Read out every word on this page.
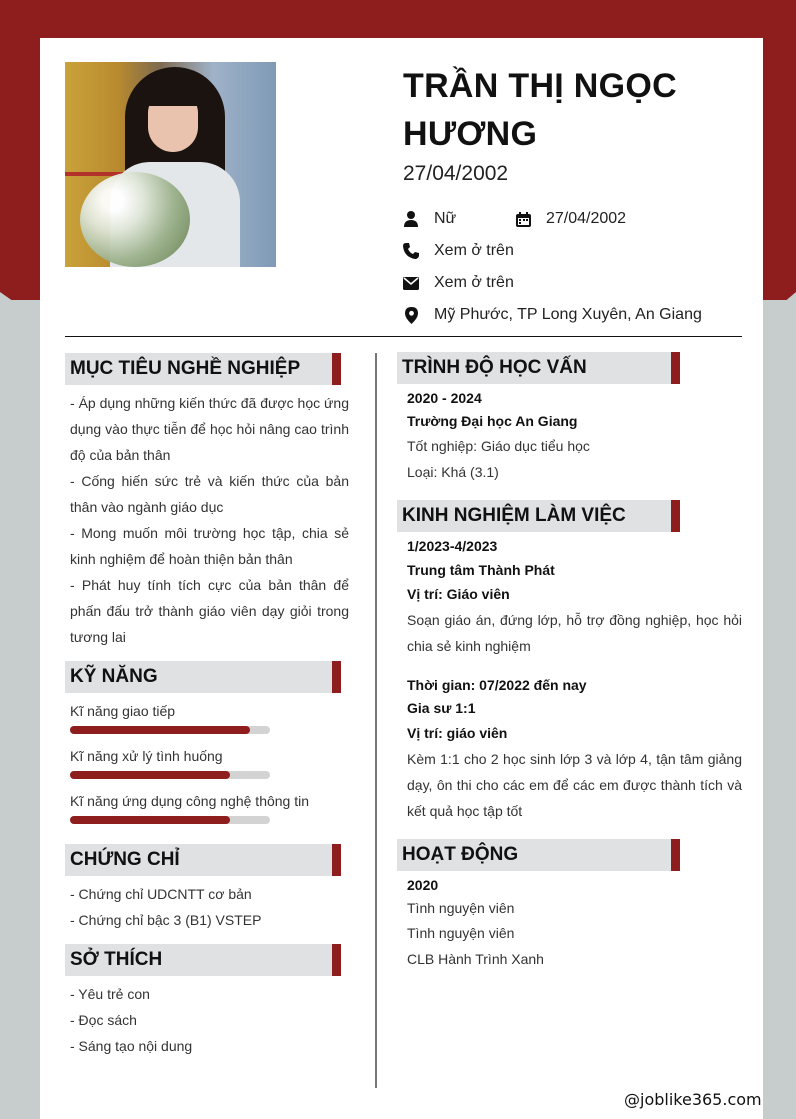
TRẦN THỊ NGỌC HƯƠNG
27/04/2002
Nữ	27/04/2002
Xem ở trên
Xem ở trên
Mỹ Phước, TP Long Xuyên, An Giang
MỤC TIÊU NGHỀ NGHIỆP
- Áp dụng những kiến thức đã được học ứng dụng vào thực tiễn để học hỏi nâng cao trình độ của bản thân
- Cống hiến sức trẻ và kiến thức của bản thân vào ngành giáo dục
- Mong muốn môi trường học tập, chia sẻ kinh nghiệm để hoàn thiện bản thân
- Phát huy tính tích cực của bản thân để phấn đấu trở thành giáo viên dạy giỏi trong tương lai
KỸ NĂNG
Kĩ năng giao tiếp
Kĩ năng xử lý tình huống
Kĩ năng ứng dụng công nghệ thông tin
CHỨNG CHỈ
- Chứng chỉ UDCNTT cơ bản
- Chứng chỉ bậc 3 (B1) VSTEP
SỞ THÍCH
- Yêu trẻ con
- Đọc sách
- Sáng tạo nội dung
TRÌNH ĐỘ HỌC VẤN
2020 - 2024
Trường Đại học An Giang
Tốt nghiệp: Giáo dục tiểu học
Loại: Khá (3.1)
KINH NGHIỆM LÀM VIỆC
1/2023-4/2023
Trung tâm Thành Phát
Vị trí: Giáo viên
Soạn giáo án, đứng lớp, hỗ trợ đồng nghiệp, học hỏi chia sẻ kinh nghiệm
Thời gian: 07/2022 đến nay
Gia sư 1:1
Vị trí: giáo viên
Kèm 1:1 cho 2 học sinh lớp 3 và lớp 4, tận tâm giảng dạy, ôn thi cho các em để các em được thành tích và kết quả học tập tốt
HOẠT ĐỘNG
2020
Tình nguyện viên
Tình nguyện viên
CLB Hành Trình Xanh
@joblike365.com
